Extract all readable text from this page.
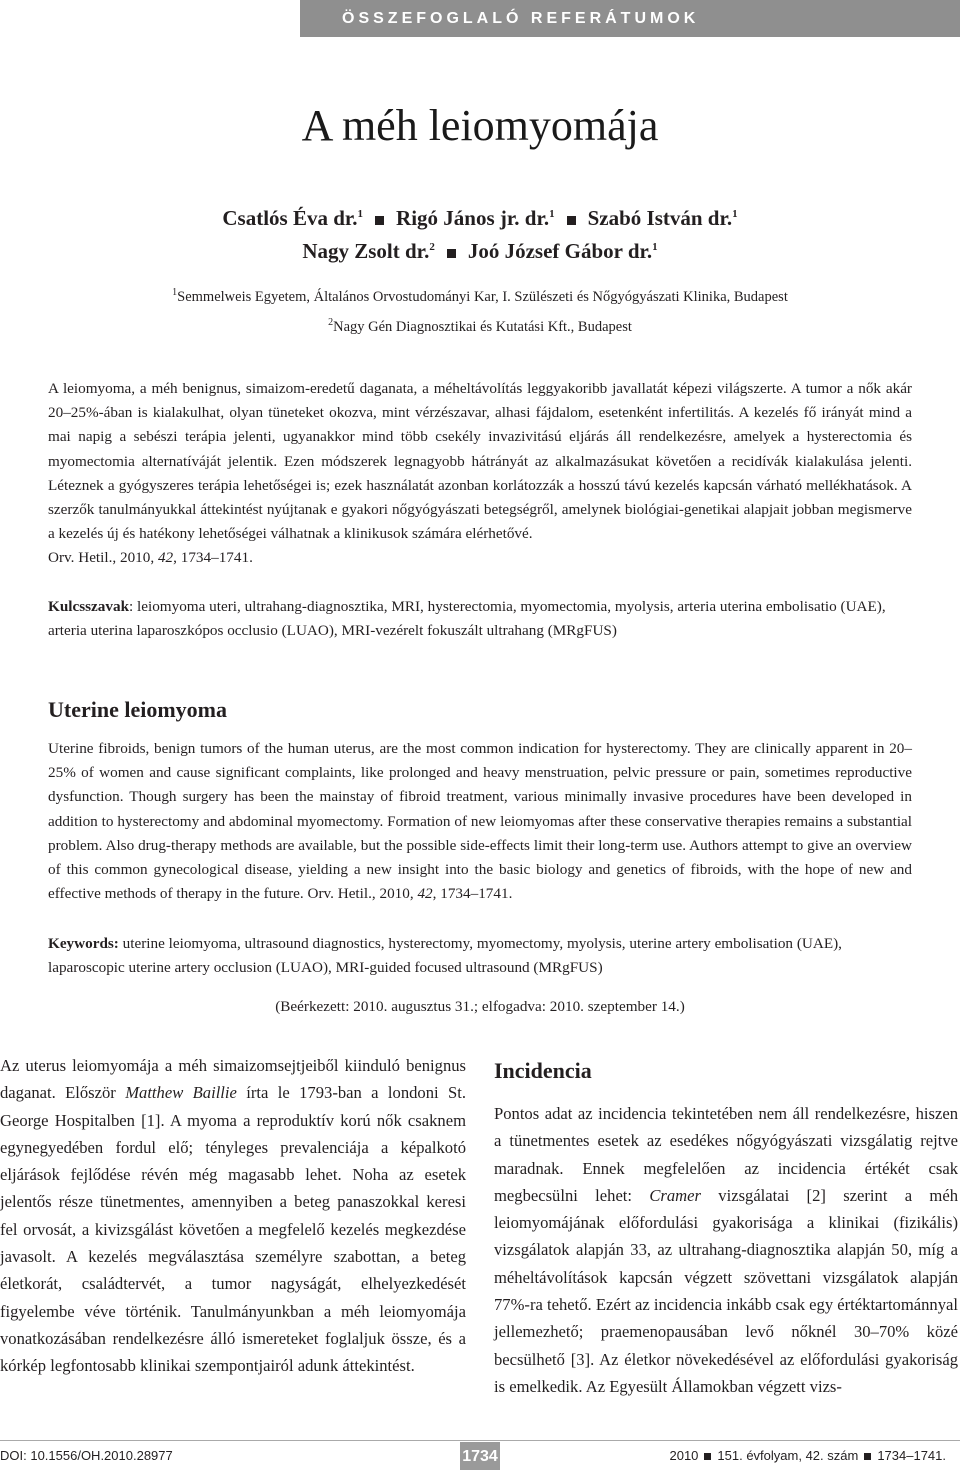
ÖSSZEFOGLALÓ REFERÁTUMOK
A méh leiomyomája
Csatlós Éva dr.$^1$ Rigó János jr. dr.$^1$ Szabó István dr.$^1$
Nagy Zsolt dr.$^2$ Joó József Gábor dr.$^1$
$^1$Semmelweis Egyetem, Általános Orvostudományi Kar, I. Szülészeti és Nőgyógyászati Klinika, Budapest
$^2$Nagy Gén Diagnosztikai és Kutatási Kft., Budapest

A leiomyoma, a méh benignus, simaizom-eredetű daganata, a méheltávolítás leggyakoribb javallatát képezi világszerte. A tumor a nők akár 20–25%-ában is kialakulhat, olyan tüneteket okozva, mint vérzészavar, alhasi fájdalom, esetenként infertilitás. A kezelés fő irányát mind a mai napig a sebészi terápia jelenti, ugyanakkor mind több csekély invazivitású eljárás áll rendelkezésre, amelyek a hysterectomia és myomectomia alternatíváját jelentik. Ezen módszerek legnagyobb hátrányát az alkalmazásukat követően a recidívák kialakulása jelenti. Léteznek a gyógyszeres terápia lehetőségei is; ezek használatát azonban korlátozzák a hosszú távú kezelés kapcsán várható mellékhatások. A szerzők tanulmányukkal áttekintést nyújtanak e gyakori nőgyógyászati betegségről, amelynek biológiai-genetikai alapjait jobban megismerve a kezelés új és hatékony lehetőségei válhatnak a klinikusok számára elérhetővé.

Orv. Hetil., 2010, 42, 1734–1741.

Kulcsszavak: leiomyoma uteri, ultrahang-diagnosztika, MRI, hysterectomia, myomectomia, myolysis, arteria uterina embolisatio (UAE), arteria uterina laparoszkópos occlusio (LUAO), MRI-vezérelt fokuszált ultrahang (MRgFUS)
Uterine leiomyoma

Uterine fibroids, benign tumors of the human uterus, are the most common indication for hysterectomy. They are clinically apparent in 20–25% of women and cause significant complaints, like prolonged and heavy menstruation, pelvic pressure or pain, sometimes reproductive dysfunction. Though surgery has been the mainstay of fibroid treatment, various minimally invasive procedures have been developed in addition to hysterectomy and abdominal myomectomy. Formation of new leiomyomas after these conservative therapies remains a substantial problem. Also drug-therapy methods are available, but the possible side-effects limit their long-term use. Authors attempt to give an overview of this common gynecological disease, yielding a new insight into the basic biology and genetics of fibroids, with the hope of new and effective methods of therapy in the future. Orv. Hetil., 2010, 42, 1734–1741.

Keywords: uterine leiomyoma, ultrasound diagnostics, hysterectomy, myomectomy, myolysis, uterine artery embolisation (UAE), laparoscopic uterine artery occlusion (LUAO), MRI-guided focused ultrasound (MRgFUS)
(Beérkezett: 2010. augusztus 31.; elfogadva: 2010. szeptember 14.)

Az uterus leiomyomája a méh simaizomsejtjeiből kiinduló benignus daganat. Először Matthew Baillie írta le 1793-ban a londoni St. George Hospitalben [1]. A myoma a reproduktív korú nők csaknem egynegyedében fordul elő; tényleges prevalenciája a képalkotó eljárások fejlődése révén még magasabb lehet. Noha az esetek jelentős része tünetmentes, amennyiben a beteg panaszokkal keresi fel orvosát, a kivizsgálást követően a megfelelő kezelés megkezdése javasolt. A kezelés megválasztása személyre szabottan, a beteg életkorát, családtervét, a tumor nagyságát, elhelyezkedését figyelembe véve történik. Tanulmányunkban a méh leiomyomája vonatkozásában rendelkezésre álló ismereteket foglaljuk össze, és a kórkép legfontosabb klinikai szempontjairól adunk áttekintést.

Incidencia

Pontos adat az incidencia tekintetében nem áll rendelkezésre, hiszen a tünetmentes esetek az esedékes nőgyógyászati vizsgálatig rejtve maradnak. Ennek megfelelően az incidencia értékét csak megbecsülni lehet: Cramer vizsgálatai [2] szerint a méh leiomyomájának előfordulási gyakorisága a klinikai (fizikális) vizsgálatok alapján 33, az ultrahang-diagnosztika alapján 50, míg a méheltávolítások kapcsán végzett szövettani vizsgálatok alapján 77%-ra tehető. Ezért az incidencia inkább csak egy értéktartománnyal jellemezhető; praemenopausában levő nőknél 30–70% közé becsülhető [3]. Az életkor növekedésével az előfordulási gyakoriság is emelkedik. Az Egyesült Államokban végzett vizs-

DOI: 10.1556/OH.2010.28977	1734	2010 151. évfolyam, 42. szám 1734–1741.
